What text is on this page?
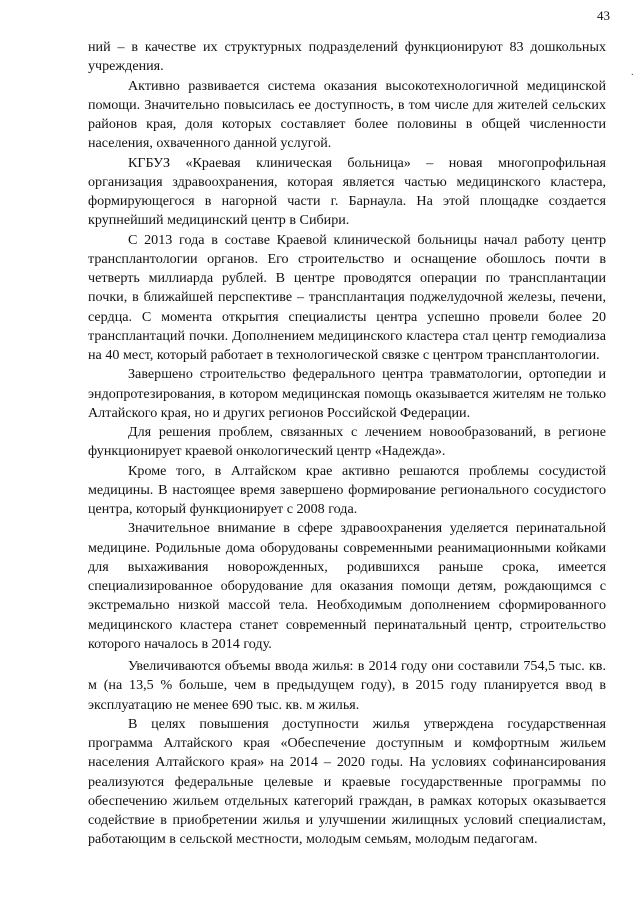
43
·

ний – в качестве их структурных подразделений функционируют 83 дошкольных учреждения.

Активно развивается система оказания высокотехнологичной медицинской помощи. Значительно повысилась ее доступность, в том числе для жителей сельских районов края, доля которых составляет более половины в общей численности населения, охваченного данной услугой.

КГБУЗ «Краевая клиническая больница» – новая многопрофильная организация здравоохранения, которая является частью медицинского кластера, формирующегося в нагорной части г. Барнаула. На этой площадке создается крупнейший медицинский центр в Сибири.

С 2013 года в составе Краевой клинической больницы начал работу центр трансплантологии органов. Его строительство и оснащение обошлось почти в четверть миллиарда рублей. В центре проводятся операции по трансплантации почки, в ближайшей перспективе – трансплантация поджелудочной железы, печени, сердца. С момента открытия специалисты центра успешно провели более 20 трансплантаций почки. Дополнением медицинского кластера стал центр гемодиализа на 40 мест, который работает в технологической связке с центром трансплантологии.

Завершено строительство федерального центра травматологии, ортопедии и эндопротезирования, в котором медицинская помощь оказывается жителям не только Алтайского края, но и других регионов Российской Федерации.

Для решения проблем, связанных с лечением новообразований, в регионе функционирует краевой онкологический центр «Надежда».

Кроме того, в Алтайском крае активно решаются проблемы сосудистой медицины. В настоящее время завершено формирование регионального сосудистого центра, который функционирует с 2008 года.

Значительное внимание в сфере здравоохранения уделяется перинатальной медицине. Родильные дома оборудованы современными реанимационными койками для выхаживания новорожденных, родившихся раньше срока, имеется специализированное оборудование для оказания помощи детям, рождающимся с экстремально низкой массой тела. Необходимым дополнением сформированного медицинского кластера станет современный перинатальный центр, строительство которого началось в 2014 году.

Увеличиваются объемы ввода жилья: в 2014 году они составили 754,5 тыс. кв. м (на 13,5 % больше, чем в предыдущем году), в 2015 году планируется ввод в эксплуатацию не менее 690 тыс. кв. м жилья.

В целях повышения доступности жилья утверждена государственная программа Алтайского края «Обеспечение доступным и комфортным жильем населения Алтайского края» на 2014 – 2020 годы. На условиях софинансирования реализуются федеральные целевые и краевые государственные программы по обеспечению жильем отдельных категорий граждан, в рамках которых оказывается содействие в приобретении жилья и улучшении жилищных условий специалистам, работающим в сельской местности, молодым семьям, молодым педагогам.
